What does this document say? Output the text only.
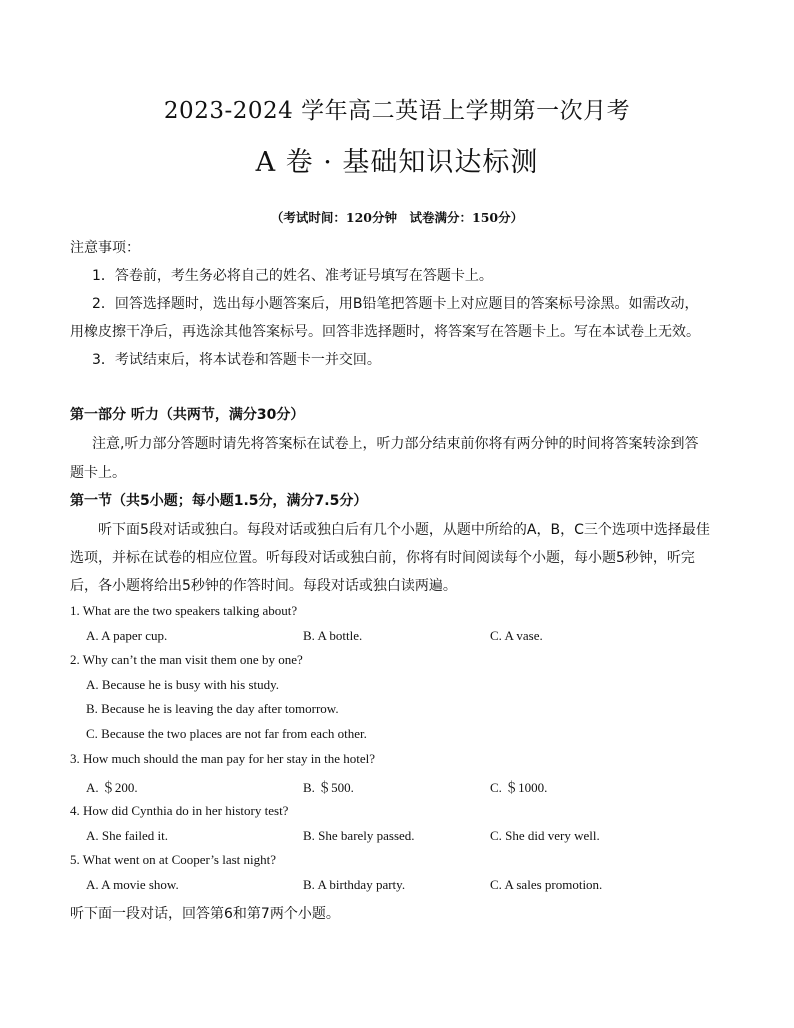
2023-2024 学年高二英语上学期第一次月考
A 卷 · 基础知识达标测
（考试时间：120分钟　试卷满分：150分）
注意事项：
1．答卷前，考生务必将自己的姓名、准考证号填写在答题卡上。
2．回答选择题时，选出每小题答案后，用B铅笔把答题卡上对应题目的答案标号涂黑。如需改动，
用橡皮擦干净后，再选涂其他答案标号。回答非选择题时，将答案写在答题卡上。写在本试卷上无效。
3．考试结束后，将本试卷和答题卡一并交回。
第一部分 听力（共两节，满分30分）
注意,听力部分答题时请先将答案标在试卷上，听力部分结束前你将有两分钟的时间将答案转涂到答
题卡上。
第一节（共5小题；每小题1.5分，满分7.5分）
听下面5段对话或独白。每段对话或独白后有几个小题，从题中所给的A，B，C三个选项中选择最佳
选项，并标在试卷的相应位置。听每段对话或独白前，你将有时间阅读每个小题，每小题5秒钟，听完
后，各小题将给出5秒钟的作答时间。每段对话或独白读两遍。
1. What are the two speakers talking about?
A. A paper cup.	B. A bottle.	C. A vase.
2. Why can’t the man visit them one by one?
A. Because he is busy with his study.
B. Because he is leaving the day after tomorrow.
C. Because the two places are not far from each other.
3. How much should the man pay for her stay in the hotel?
A. ＄200.	B. ＄500.	C. ＄1000.
4. How did Cynthia do in her history test?
A. She failed it.	B. She barely passed.	C. She did very well.
5. What went on at Cooper’s last night?
A. A movie show.	B. A birthday party.	C. A sales promotion.
听下面一段对话，回答第6和第7两个小题。
